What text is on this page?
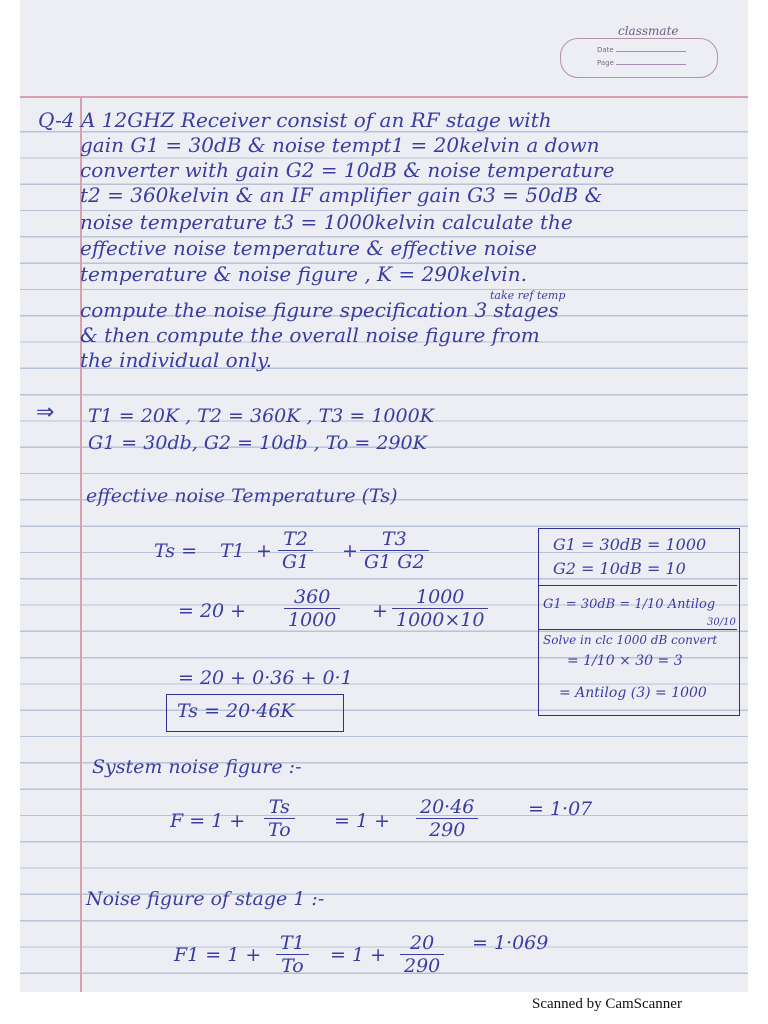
classmate
Date
Page
Q-4 A 12GHZ Receiver consist of an RF stage with
gain G1 = 30dB & noise tempt1 = 20kelvin a down
converter with gain G2 = 10dB & noise temperature
t2 = 360kelvin & an IF amplifier gain G3 = 50dB &
noise temperature t3 = 1000kelvin calculate the
effective noise temperature & effective noise
temperature & noise figure , K = 290kelvin.
take ref temp
compute the noise figure specification 3 stages
& then compute the overall noise figure from
the individual only.
⇒ T1 = 20K , T2 = 360K , T3 = 1000K
G1 = 30db, G2 = 10db , To = 290K
effective noise Temperature (Ts)
$Ts = T1 + \frac{T2}{G1} + \frac{T3}{G1 G2}$
= $20 + \frac{360}{1000} + \frac{1000}{1000\times 10}$
= 20 + 0·36 + 0·1
Ts = 20·46K
G1 = 30dB = 1000
G2 = 10dB = 10
G1 = 30dB = 1/10 Antilog
30/10
Solve in clc 1000 dB convert
= 1/10 × 30 = 3
= Antilog (3) = 1000
System noise figure :-
$F = 1 + \frac{Ts}{To} = 1 + \frac{20\cdot 46}{290}$	= 1·07
Noise figure of stage 1 :-
$F1 = 1 + \frac{T1}{To} = 1 + \frac{20}{290} = 1\cdot 069$
Scanned by CamScanner
